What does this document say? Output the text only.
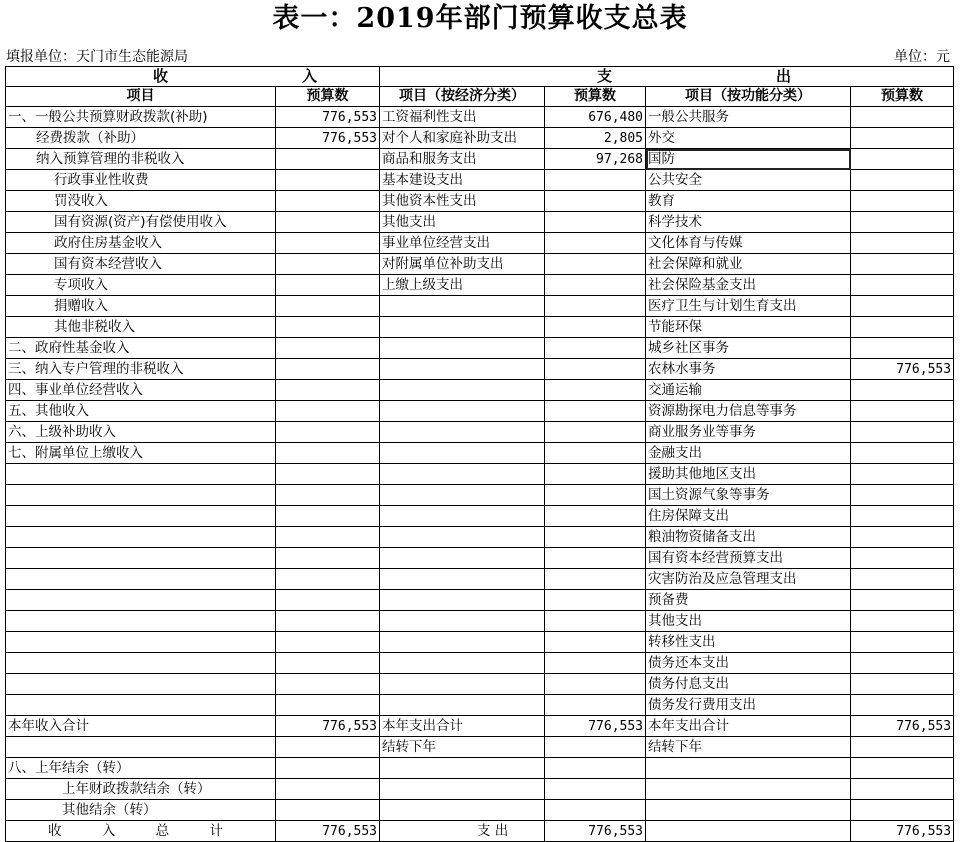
表一：2019年部门预算收支总表
填报单位：天门市生态能源局	单位：元
收 入		支 出			

项目	预算数	项目（按经济分类）	预算数	项目（按功能分类）	预算数
一、一般公共预算财政拨款(补助)	776,553	工资福利性支出	676,480	一般公共服务	
经费拨款（补助）	776,553	对个人和家庭补助支出	2,805	外交	
纳入预算管理的非税收入		商品和服务支出	97,268	国防	
行政事业性收费		基本建设支出		公共安全	
罚没收入		其他资本性支出		教育	
国有资源(资产)有偿使用收入		其他支出		科学技术	
政府住房基金收入		事业单位经营支出		文化体育与传媒	
国有资本经营收入		对附属单位补助支出		社会保障和就业	
专项收入		上缴上级支出		社会保险基金支出	
捐赠收入				医疗卫生与计划生育支出	
其他非税收入				节能环保	
二、政府性基金收入				城乡社区事务	
三、纳入专户管理的非税收入				农林水事务	776,553
四、事业单位经营收入				交通运输	
五、其他收入				资源勘探电力信息等事务	
六、上级补助收入				商业服务业等事务	
七、附属单位上缴收入				金融支出	
				援助其他地区支出	
				国土资源气象等事务	
				住房保障支出	
				粮油物资储备支出	
				国有资本经营预算支出	
				灾害防治及应急管理支出	
				预备费	
				其他支出	
				转移性支出	
				债务还本支出	
				债务付息支出	
				债务发行费用支出	
本年收入合计	776,553	本年支出合计	776,553	本年支出合计	776,553
		结转下年		结转下年	
八、上年结余（转）					
上年财政拨款结余（转）					
其他结余（转）					

收 入 总 计	776,553	支 出	776,553		776,553
